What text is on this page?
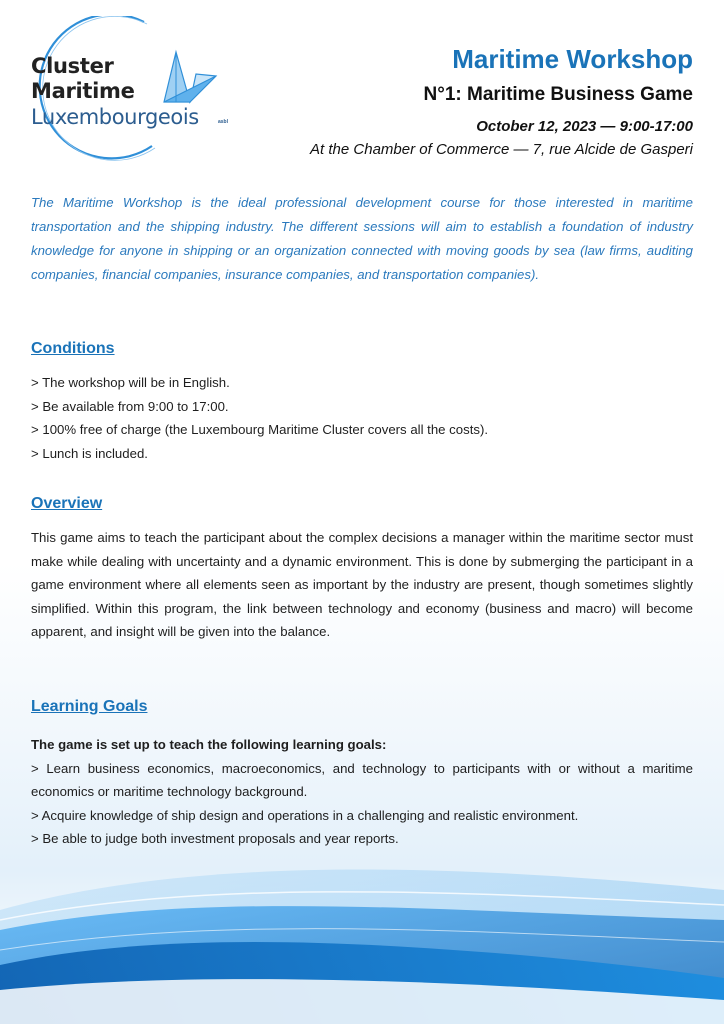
Cluster
Maritime
Luxembourgeois	asbl
Maritime Workshop
N°1: Maritime Business Game
October 12, 2023 — 9:00-17:00
At the Chamber of Commerce — 7, rue Alcide de Gasperi

The Maritime Workshop is the ideal professional development course for those interested in maritime transportation and the shipping industry. The different sessions will aim to establish a foundation of industry knowledge for anyone in shipping or an organization connected with moving goods by sea (law firms, auditing companies, financial companies, insurance companies, and transportation companies).

Conditions

> The workshop will be in English.

> Be available from 9:00 to 17:00.

> 100% free of charge (the Luxembourg Maritime Cluster covers all the costs).

> Lunch is included.

Overview

This game aims to teach the participant about the complex decisions a manager within the maritime sector must make while dealing with uncertainty and a dynamic environment. This is done by submerging the participant in a game environment where all elements seen as important by the industry are present, though sometimes slightly simplified. Within this program, the link between technology and economy (business and macro) will become apparent, and insight will be given into the balance.

Learning Goals

The game is set up to teach the following learning goals:

> Learn business economics, macroeconomics, and technology to participants with or without a maritime economics or maritime technology background.

> Acquire knowledge of ship design and operations in a challenging and realistic environment.

> Be able to judge both investment proposals and year reports.
